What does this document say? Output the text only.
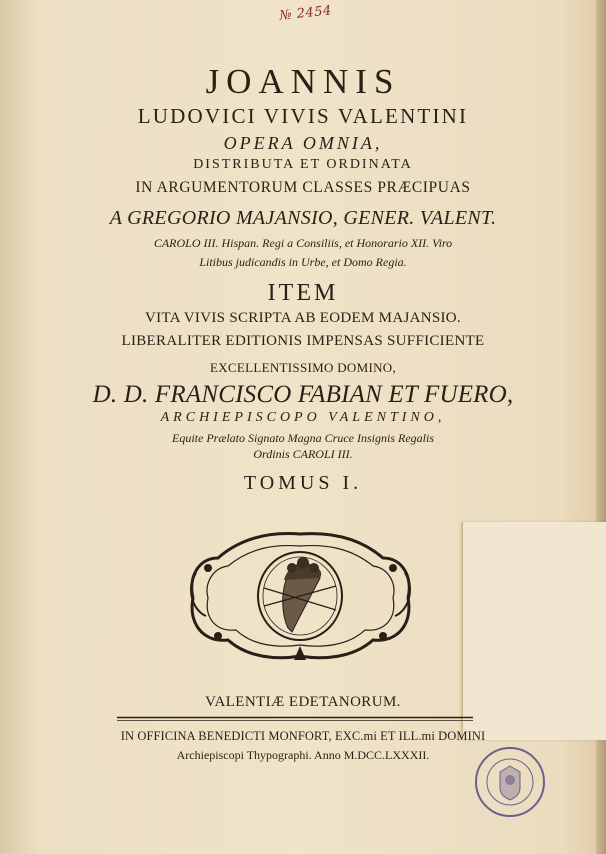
№ 2454
JOANNIS
LUDOVICI VIVIS VALENTINI
OPERA OMNIA,
DISTRIBUTA ET ORDINATA
IN ARGUMENTORUM CLASSES PRÆCIPUAS
A GREGORIO MAJANSIO, GENER. VALENT.
CAROLO III. Hispan. Regi a Consiliis, et Honorario XII. Viro
Litibus judicandis in Urbe, et Domo Regia.
ITEM
VITA VIVIS SCRIPTA AB EODEM MAJANSIO.
LIBERALITER EDITIONIS IMPENSAS SUFFICIENTE
EXCELLENTISSIMO DOMINO,
D. D. FRANCISCO FABIAN ET FUERO,
ARCHIEPISCOPO VALENTINO,
Equite Prælato Signato Magna Cruce Insignis Regalis
Ordinis CAROLI III.
TOMUS I.
VALENTIÆ EDETANORUM.
IN OFFICINA BENEDICTI MONFORT, EXC.mi ET ILL.mi DOMINI
Archiepiscopi Thypographi. Anno M.DCC.LXXXII.
